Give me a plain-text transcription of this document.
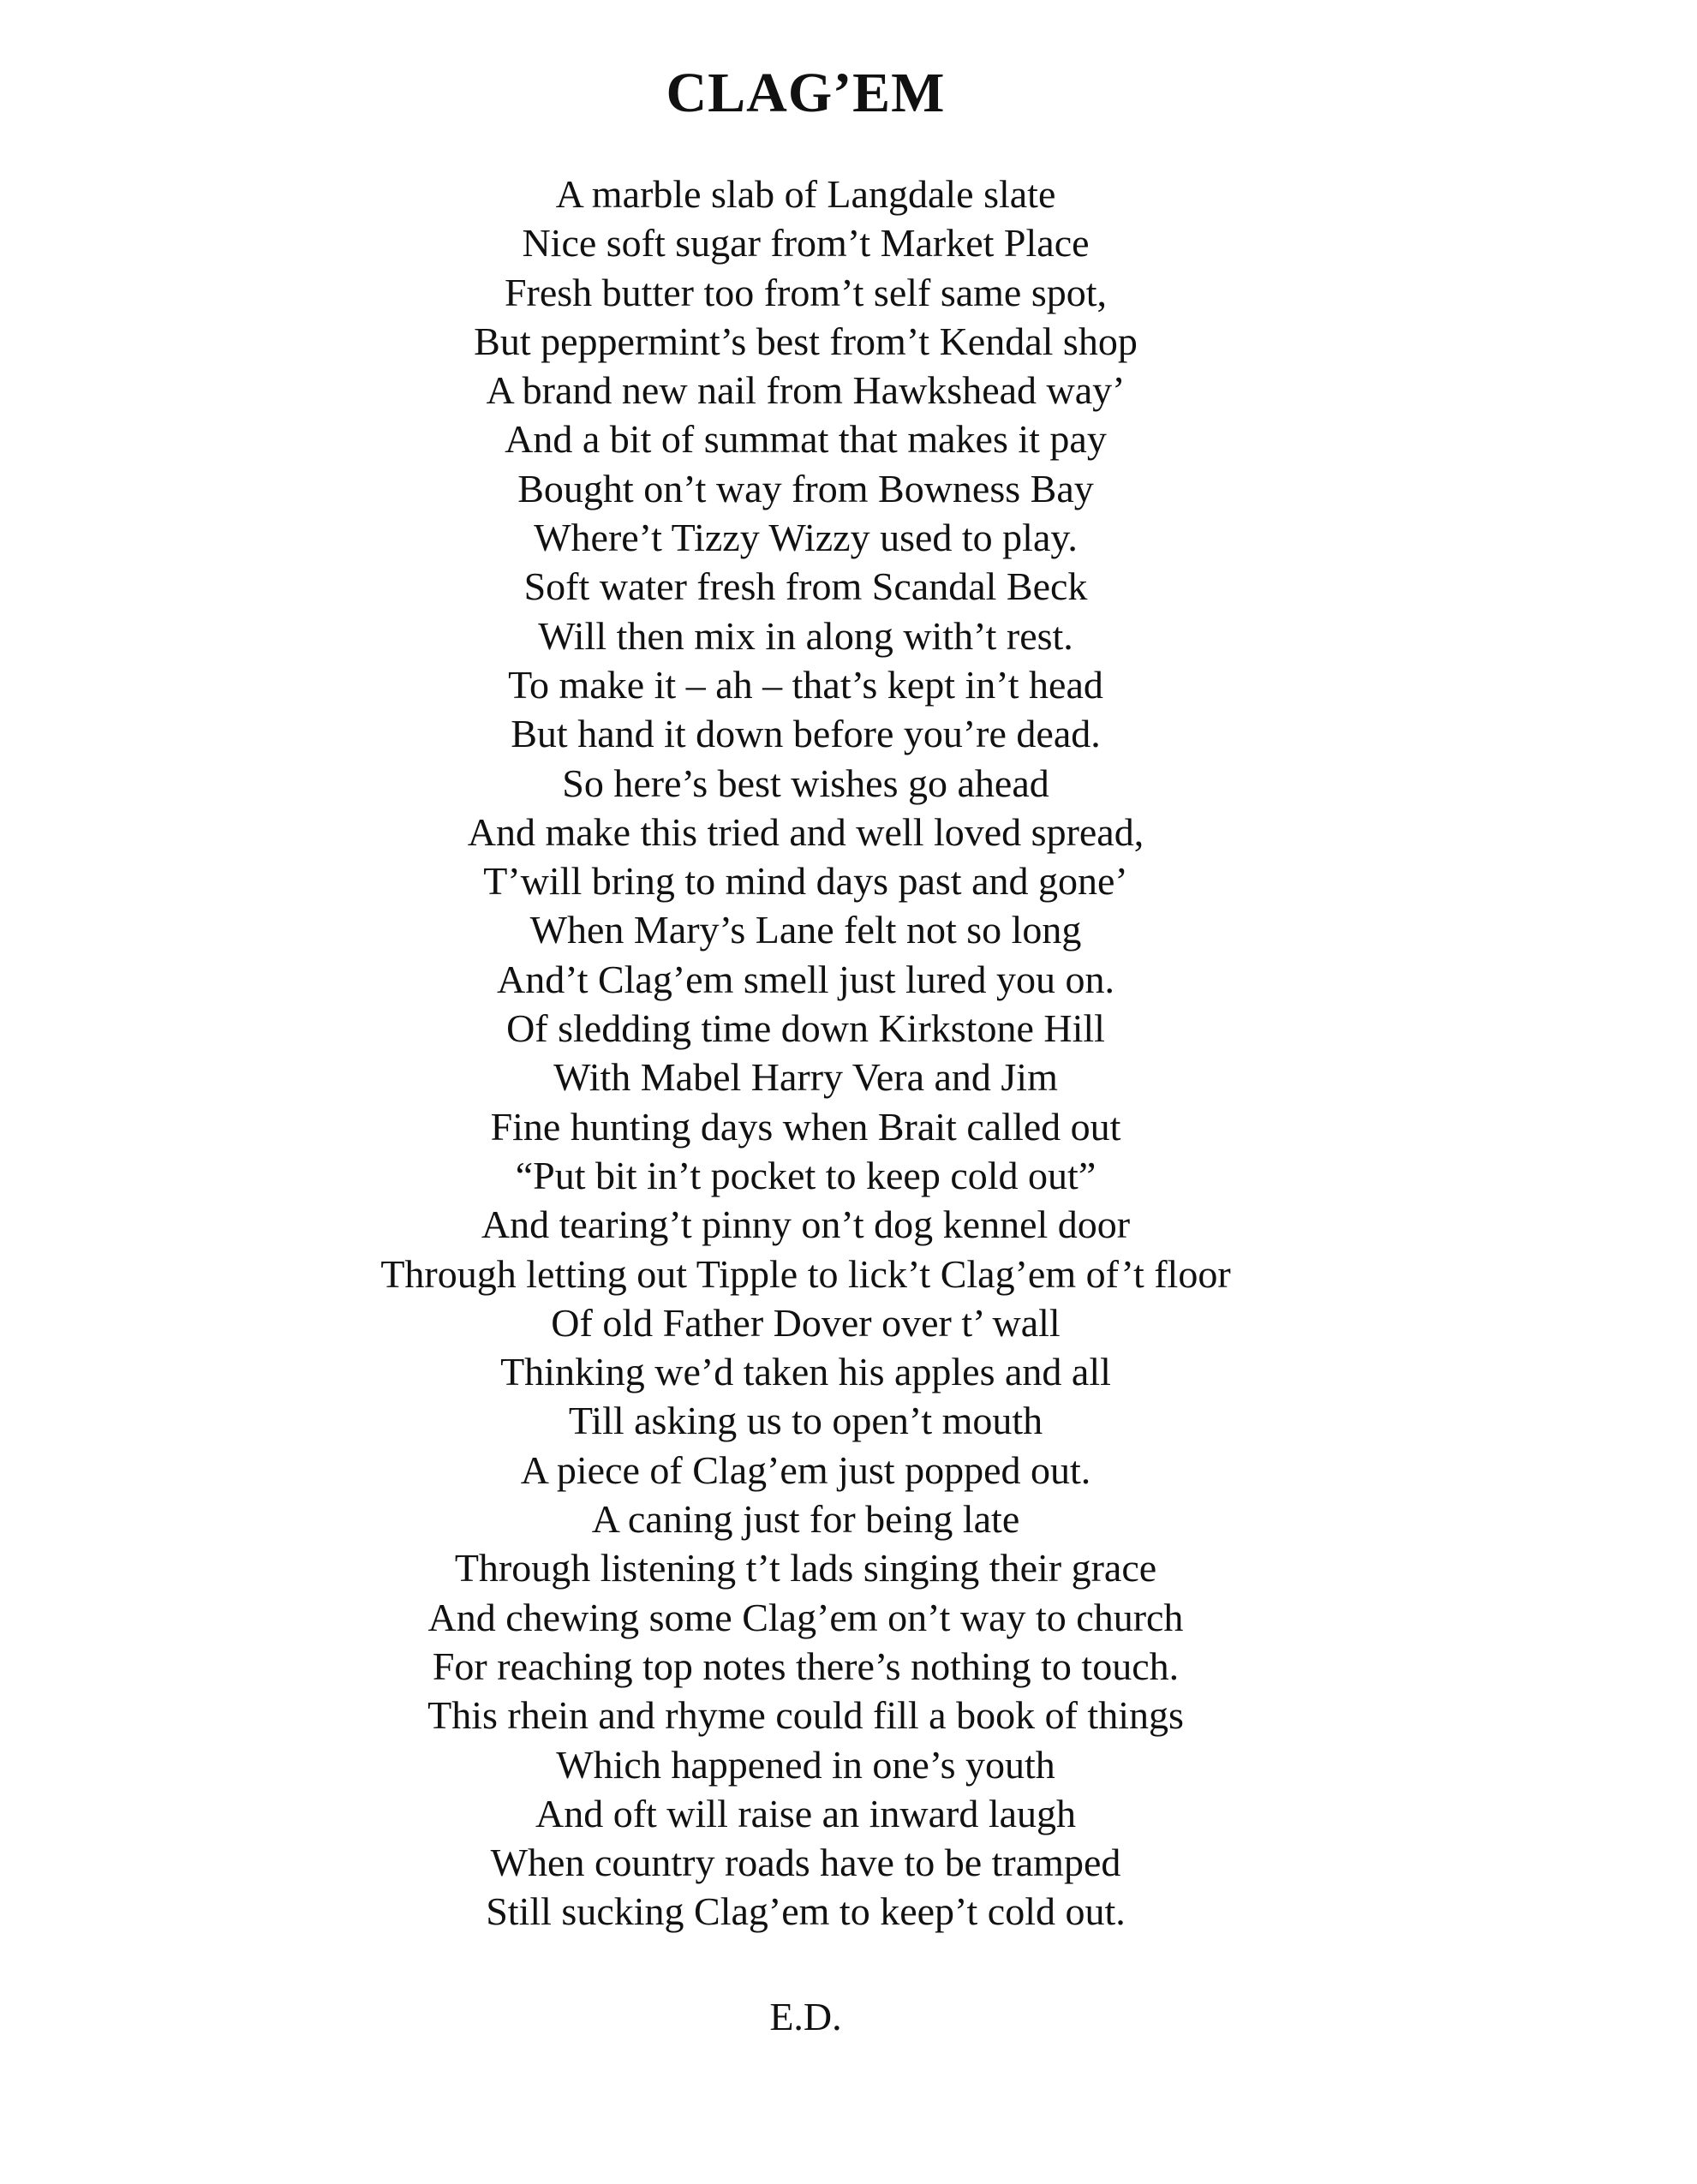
CLAG’EM
A marble slab of Langdale slate
Nice soft sugar from’t Market Place
Fresh butter too from’t self same spot,
But peppermint’s best from’t Kendal shop
A brand new nail from Hawkshead way’
And a bit of summat that makes it pay
Bought on’t way from Bowness Bay
Where’t Tizzy Wizzy used to play.
Soft water fresh from Scandal Beck
Will then mix in along with’t rest.
To make it – ah – that’s kept in’t head
But hand it down before you’re dead.
So here’s best wishes go ahead
And make this tried and well loved spread,
T’will bring to mind days past and gone’
When Mary’s Lane felt not so long
And’t Clag’em smell just lured you on.
Of sledding time down Kirkstone Hill
With Mabel Harry Vera and Jim
Fine hunting days when Brait called out
“Put bit in’t pocket to keep cold out”
And tearing’t pinny on’t dog kennel door
Through letting out Tipple to lick’t Clag’em of’t floor
Of old Father Dover over t’ wall
Thinking we’d taken his apples and all
Till asking us to open’t mouth
A piece of Clag’em just popped out.
A caning just for being late
Through listening t’t lads singing their grace
And chewing some Clag’em on’t way to church
For reaching top notes there’s nothing to touch.
This rhein and rhyme could fill a book of things
Which happened in one’s youth
And oft will raise an inward laugh
When country roads have to be tramped
Still sucking Clag’em to keep’t cold out.
E.D.
